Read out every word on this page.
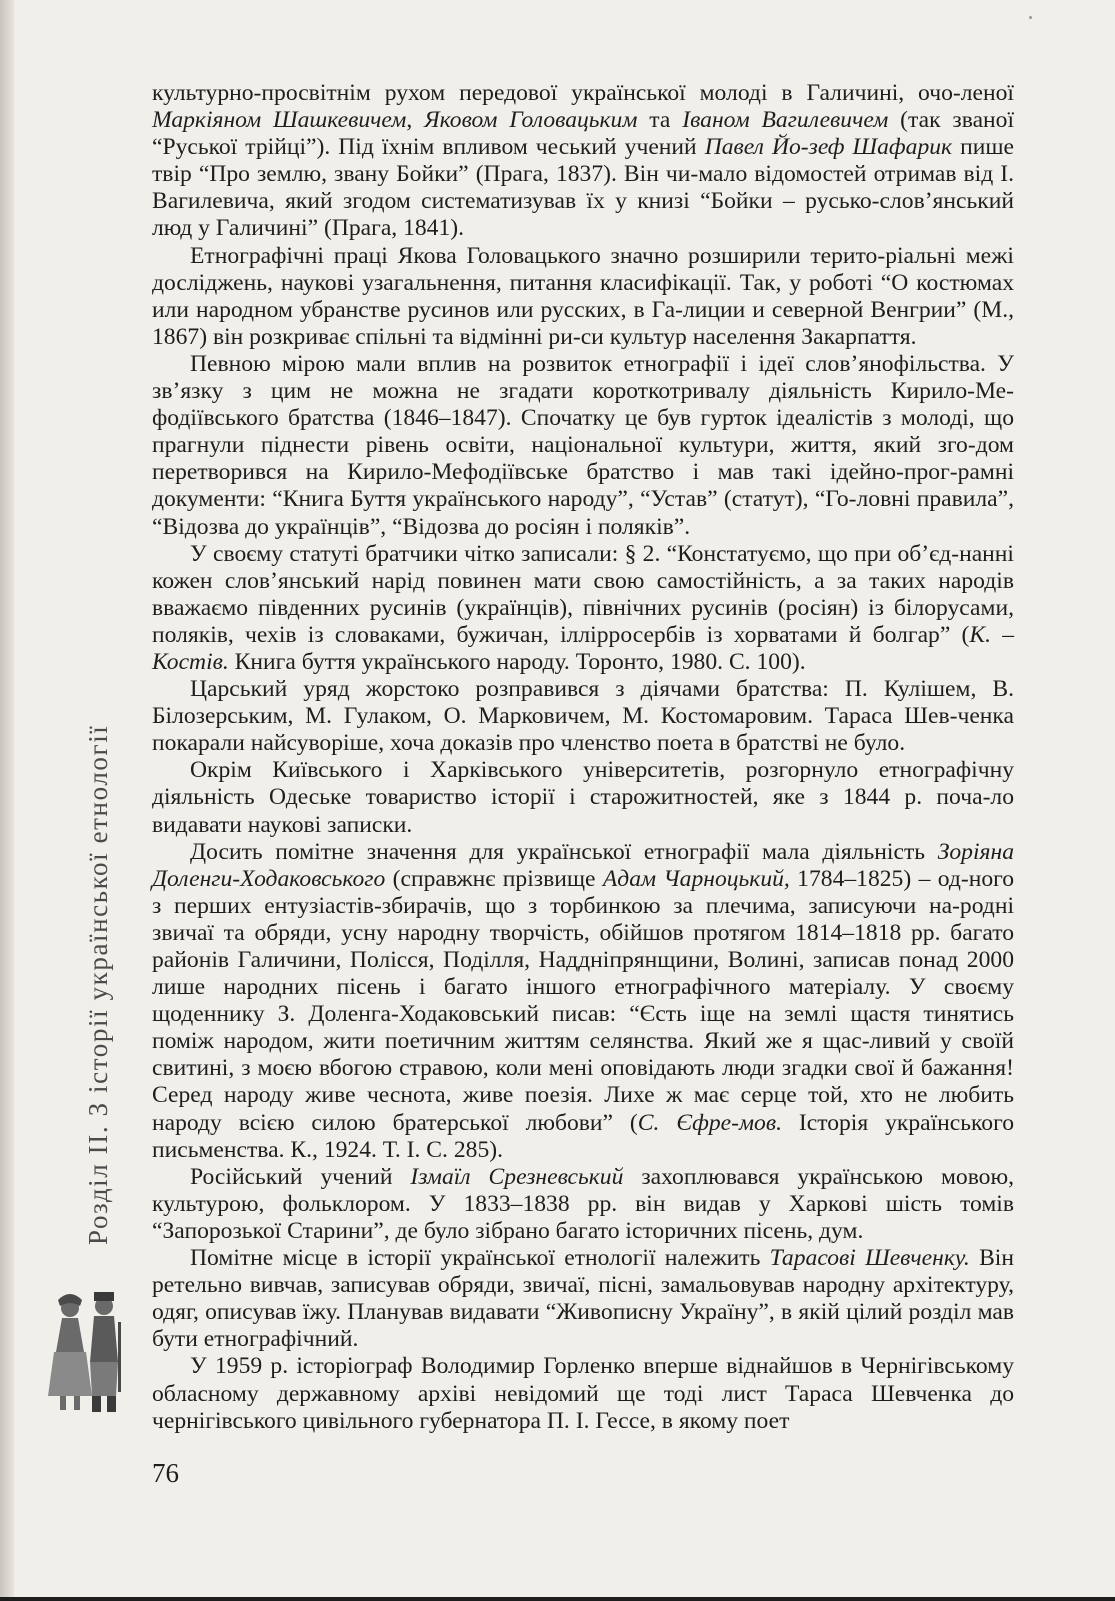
Розділ ІІ. З історії української етнології

культурно-просвітнім рухом передової української молоді в Галичині, очо-леної Маркіяном Шашкевичем, Яковом Головацьким та Іваном Вагилевичем (так званої “Руської трійці”). Під їхнім впливом чеський учений Павел Йо-зеф Шафарик пише твір “Про землю, звану Бойки” (Прага, 1837). Він чи-мало відомостей отримав від І. Вагилевича, який згодом систематизував їх у книзі “Бойки – русько-слов’янський люд у Галичині” (Прага, 1841).

Етнографічні праці Якова Головацького значно розширили терито-ріальні межі досліджень, наукові узагальнення, питання класифікації. Так, у роботі “О костюмах или народном убранстве русинов или русских, в Га-лиции и северной Венгрии” (М., 1867) він розкриває спільні та відмінні ри-си культур населення Закарпаття.

Певною мірою мали вплив на розвиток етнографії і ідеї слов’янофільства. У зв’язку з цим не можна не згадати короткотривалу діяльність Кирило-Ме-фодіївського братства (1846–1847). Спочатку це був гурток ідеалістів з молоді, що прагнули піднести рівень освіти, національної культури, життя, який зго-дом перетворився на Кирило-Мефодіївське братство і мав такі ідейно-прог-рамні документи: “Книга Буття українського народу”, “Устав” (статут), “Го-ловні правила”, “Відозва до українців”, “Відозва до росіян і поляків”.

У своєму статуті братчики чітко записали: § 2. “Констатуємо, що при об’єд-нанні кожен слов’янський нарід повинен мати свою самостійність, а за таких народів вважаємо південних русинів (українців), північних русинів (росіян) із білорусами, поляків, чехів із словаками, бужичан, іллірросербів із хорватами й болгар” (К. – Костів. Книга буття українського народу. Торонто, 1980. С. 100).

Царський уряд жорстоко розправився з діячами братства: П. Кулішем, В. Білозерським, М. Гулаком, О. Марковичем, М. Костомаровим. Тараса Шев-ченка покарали найсуворіше, хоча доказів про членство поета в братстві не було.

Окрім Київського і Харківського університетів, розгорнуло етнографічну діяльність Одеське товариство історії і старожитностей, яке з 1844 р. поча-ло видавати наукові записки.

Досить помітне значення для української етнографії мала діяльність Зоріяна Доленги-Ходаковського (справжнє прізвище Адам Чарноцький, 1784–1825) – од-ного з перших ентузіастів-збирачів, що з торбинкою за плечима, записуючи на-родні звичаї та обряди, усну народну творчість, обійшов протягом 1814–1818 рр. багато районів Галичини, Полісся, Поділля, Наддніпрянщини, Волині, записав понад 2000 лише народних пісень і багато іншого етнографічного матеріалу. У своєму щоденнику З. Доленга-Ходаковський писав: “Єсть іще на землі щастя тинятись поміж народом, жити поетичним життям селянства. Який же я щас-ливий у своїй свитині, з моєю вбогою стравою, коли мені оповідають люди згадки свої й бажання! Серед народу живе чеснота, живе поезія. Лихе ж має серце той, хто не любить народу всією силою братерської любови” (С. Єфре-мов. Історія українського письменства. К., 1924. Т. І. С. 285).

Російський учений Ізмаїл Срезневський захоплювався українською мовою, культурою, фольклором. У 1833–1838 рр. він видав у Харкові шість томів “Запорозької Старини”, де було зібрано багато історичних пісень, дум.

Помітне місце в історії української етнології належить Тарасові Шевченку. Він ретельно вивчав, записував обряди, звичаї, пісні, замальовував народну архітектуру, одяг, описував їжу. Планував видавати “Живописну Україну”, в якій цілий розділ мав бути етнографічний.

У 1959 р. історіограф Володимир Горленко вперше віднайшов в Чернігівському обласному державному архіві невідомий ще тоді лист Тараса Шевченка до чернігівського цивільного губернатора П. І. Гессе, в якому поет

76
